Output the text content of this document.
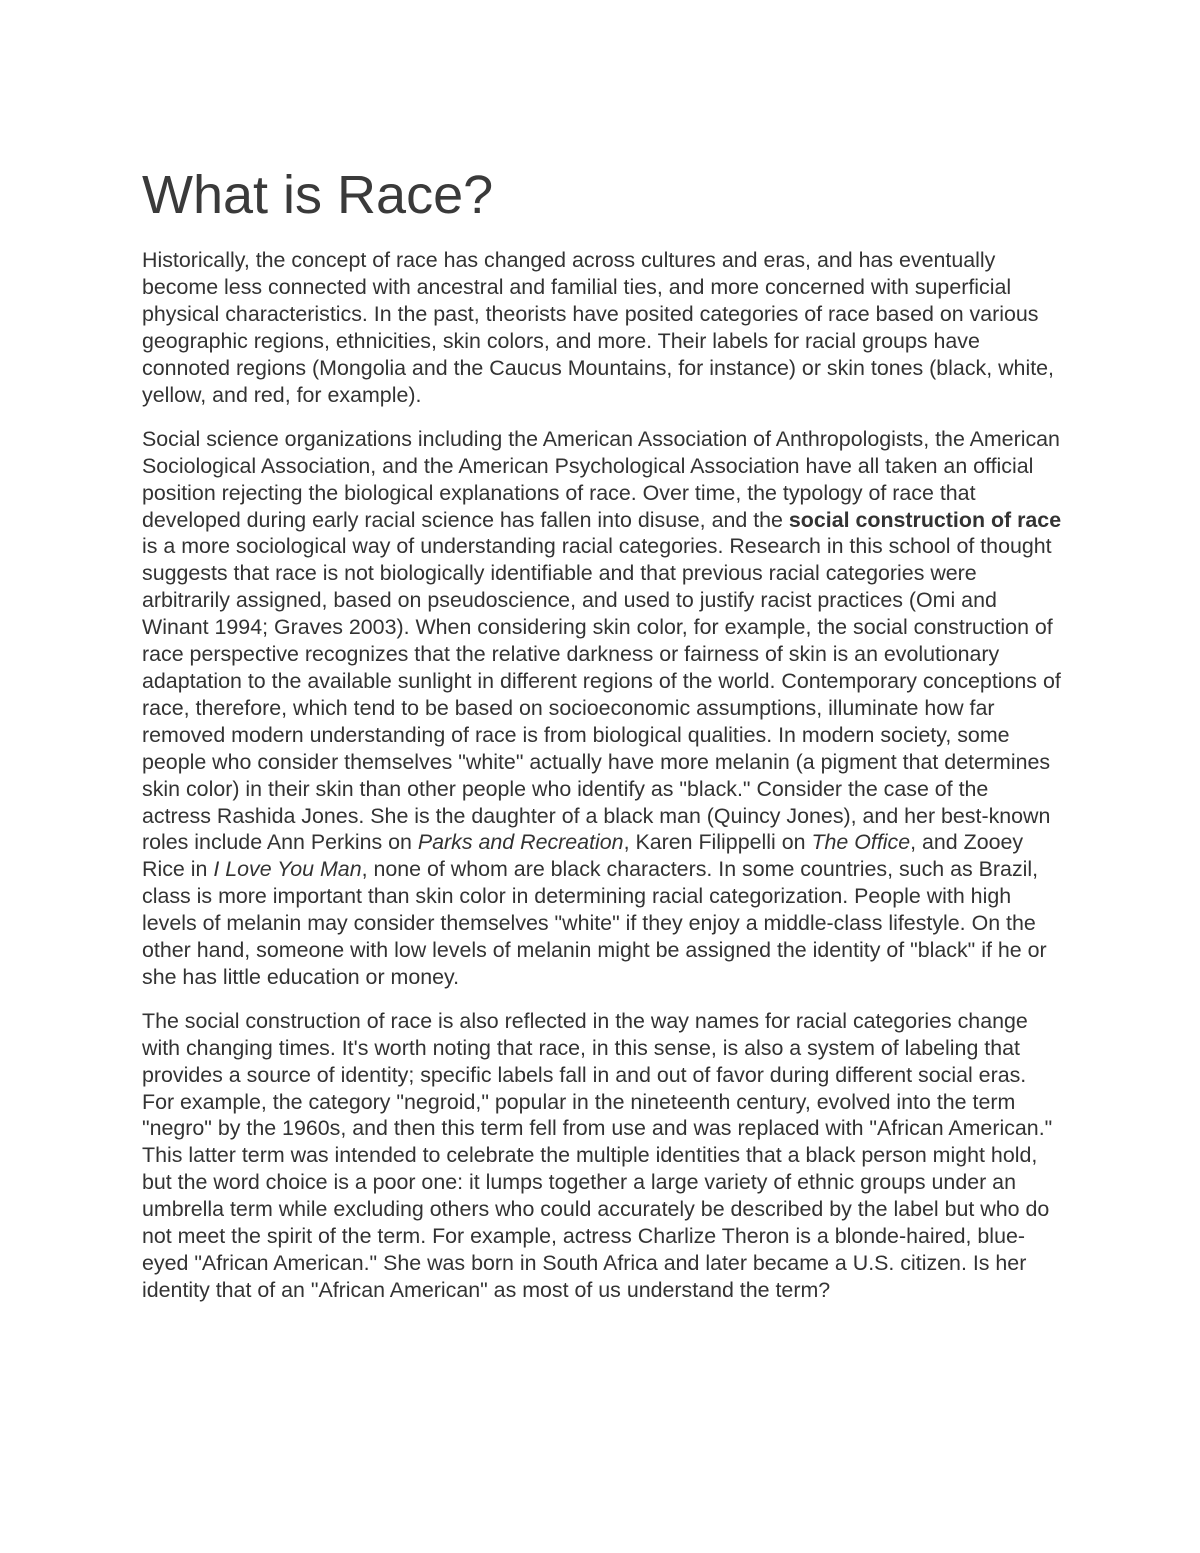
What is Race?

Historically, the concept of race has changed across cultures and eras, and has eventually become less connected with ancestral and familial ties, and more concerned with superficial physical characteristics. In the past, theorists have posited categories of race based on various geographic regions, ethnicities, skin colors, and more. Their labels for racial groups have connoted regions (Mongolia and the Caucus Mountains, for instance) or skin tones (black, white, yellow, and red, for example).

Social science organizations including the American Association of Anthropologists, the American Sociological Association, and the American Psychological Association have all taken an official position rejecting the biological explanations of race. Over time, the typology of race that developed during early racial science has fallen into disuse, and the social construction of race is a more sociological way of understanding racial categories. Research in this school of thought suggests that race is not biologically identifiable and that previous racial categories were arbitrarily assigned, based on pseudoscience, and used to justify racist practices (Omi and Winant 1994; Graves 2003). When considering skin color, for example, the social construction of race perspective recognizes that the relative darkness or fairness of skin is an evolutionary adaptation to the available sunlight in different regions of the world. Contemporary conceptions of race, therefore, which tend to be based on socioeconomic assumptions, illuminate how far removed modern understanding of race is from biological qualities. In modern society, some people who consider themselves "white" actually have more melanin (a pigment that determines skin color) in their skin than other people who identify as "black." Consider the case of the actress Rashida Jones. She is the daughter of a black man (Quincy Jones), and her best-known roles include Ann Perkins on Parks and Recreation, Karen Filippelli on The Office, and Zooey Rice in I Love You Man, none of whom are black characters. In some countries, such as Brazil, class is more important than skin color in determining racial categorization. People with high levels of melanin may consider themselves "white" if they enjoy a middle-class lifestyle. On the other hand, someone with low levels of melanin might be assigned the identity of "black" if he or she has little education or money.

The social construction of race is also reflected in the way names for racial categories change with changing times. It's worth noting that race, in this sense, is also a system of labeling that provides a source of identity; specific labels fall in and out of favor during different social eras. For example, the category "negroid," popular in the nineteenth century, evolved into the term "negro" by the 1960s, and then this term fell from use and was replaced with "African American." This latter term was intended to celebrate the multiple identities that a black person might hold, but the word choice is a poor one: it lumps together a large variety of ethnic groups under an umbrella term while excluding others who could accurately be described by the label but who do not meet the spirit of the term. For example, actress Charlize Theron is a blonde-haired, blue-eyed "African American." She was born in South Africa and later became a U.S. citizen. Is her identity that of an "African American" as most of us understand the term?
